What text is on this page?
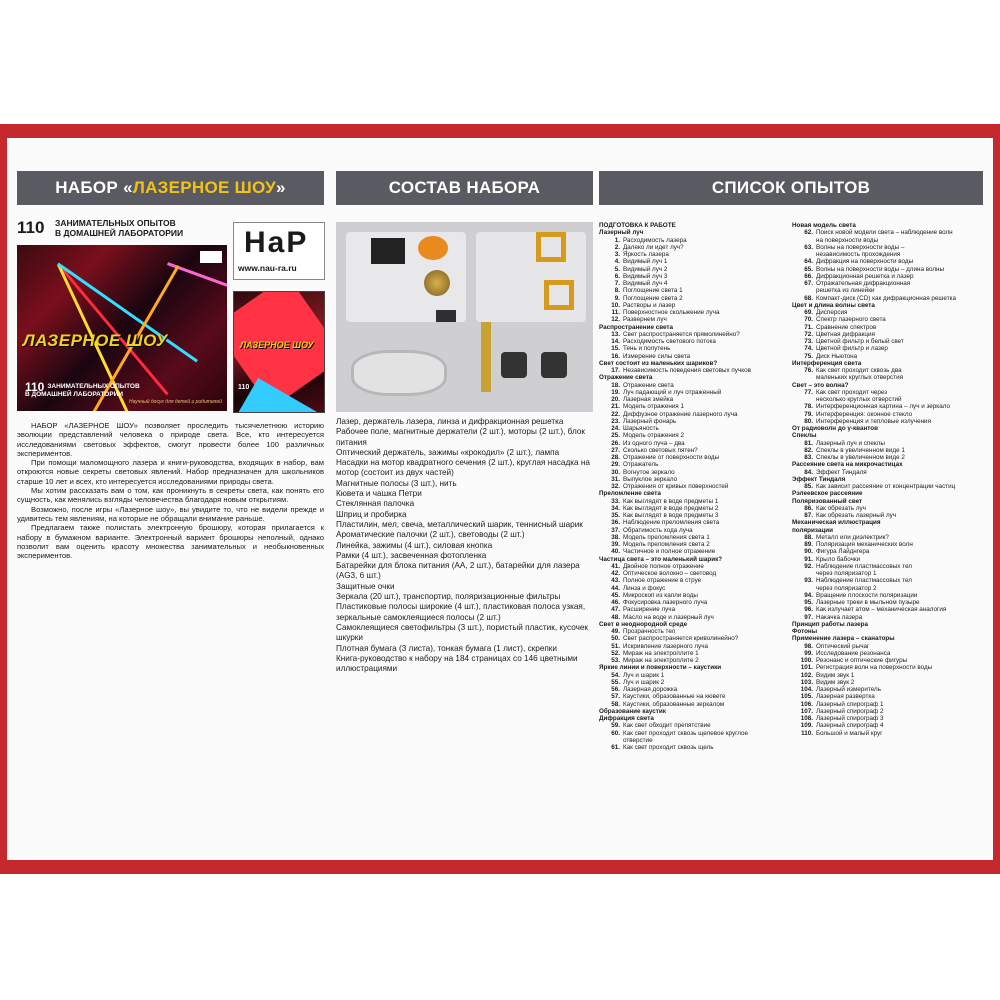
НАБОР « ЛАЗЕРНОЕ ШОУ »	СОСТАВ НАБОРА	СПИСОК ОПЫТОВ
110 ЗАНИМАТЕЛЬНЫХ ОПЫТОВ
В ДОМАШНЕЙ ЛАБОРАТОРИИ
ЛАЗЕРНОЕ ШОУ
110 ЗАНИМАТЕЛЬНЫХ ОПЫТОВ
В ДОМАШНЕЙ ЛАБОРАТОРИИ
Научный досуг для детей и родителей
НаР
www.nau-ra.ru
ЛАЗЕРНОЕ ШОУ
110

НАБОР «ЛАЗЕРНОЕ ШОУ» позволяет проследить тысячелетнюю историю эволюции представлений человека о природе света. Все, кто интересуется исследованиями световых эффектов, смогут провести более 100 различных экспериментов.

При помощи маломощного лазера и книги-руководства, входящих в набор, вам откроются новые секреты световых явлений. Набор предназначен для школьников старше 10 лет и всех, кто интересуется исследованиями природы света.

Мы хотим рассказать вам о том, как проникнуть в секреты света, как понять его сущность, как менялись взгляды человечества благодаря новым открытиям.

Возможно, после игры «Лазерное шоу», вы увидите то, что не видели прежде и удивитесь тем явлениям, на которые не обращали внимание раньше.

Предлагаем также полистать электронную брошюру, которая прилагается к набору в бумажном варианте. Электронный вариант брошюры неполный, однако позволит вам оценить красоту множества занимательных и необыкновенных экспериментов.

Лазер, держатель лазера, линза и дифракционная решетка
Рабочее поле, магнитные держатели (2 шт.), моторы (2 шт.), блок питания
Оптический держатель, зажимы «крокодил» (2 шт.), лампа
Насадки на мотор квадратного сечения (2 шт.), круглая насадка на мотор (состоит из двух частей)
Магнитные полосы (3 шт.), нить
Кювета и чашка Петри
Стеклянная палочка
Шприц и пробирка
Пластилин, мел, свеча, металлический шарик, теннисный шарик
Ароматические палочки (2 шт.), световоды (2 шт.)
Линейка, зажимы (4 шт.), силовая кнопка
Рамки (4 шт.), засвеченная фотопленка
Батарейки для блока питания (АА, 2 шт.), батарейки для лазера (AG3, 6 шт.)
Защитные очки
Зеркала (20 шт.), транспортир, поляризационные фильтры
Пластиковые полосы широкие (4 шт.), пластиковая полоса узкая, зеркальные самоклеящиеся полосы (2 шт.)
Самоклеящиеся светофильтры (3 шт.), пористый пластик, кусочек шкурки
Плотная бумага (3 листа), тонкая бумага (1 лист), скрепки
Книга-руководство к набору на 184 страницах со 146 цветными иллюстрациями
ПОДГОТОВКА К РАБОТЕ
Лазерный луч
1. Расходимость лазера
2. Далеко ли идет луч?
3. Яркость лазера
4. Видимый луч 1
5. Видимый луч 2
6. Видимый луч 3
7. Видимый луч 4
8. Поглощение света 1
9. Поглощение света 2
10. Растворы и лазер
11. Поверхностное скольжение луча
12. Развернем луч
Распространение света
13. Свет распространяется прямолинейно?
14. Расходимость светового потока
15. Тень и полутень
16. Измерение силы света
Свет состоит из маленьких шариков?
17. Независимость поведения световых пучков
Отражение света
18. Отражение света
19. Луч падающий и луч отраженный
20. Лазерная змейка
21. Модель отражения 1
22. Диффузное отражение лазерного луча
23. Лазерный фонарь
24. Шарьяность
25. Модель отражения 2
26. Из одного луча – два
27. Сколько световых пятен?
28. Отражение от поверхности воды
29. Отражатель
30. Вогнутое зеркало
31. Выпуклое зеркало
32. Отражения от кривых поверхностей
Преломление света
33. Как выглядят в воде предметы 1
34. Как выглядят в воде предметы 2
35. Как выглядят в воде предметы 3
36. Наблюдение преломления света
37. Обратимость хода луча
38. Модель преломления света 1
39. Модель преломления света 2
40. Частичное и полное отражение
Частица света – это маленький шарик?
41. Двойное полное отражение
42. Оптическое волокно – световод
43. Полное отражение в струе
44. Линза и фокус
45. Микроскоп из капли воды
46. Фокусировка лазерного луча
47. Расширение луча
48. Масло на воде и лазерный луч
Свет в неоднородной среде
49. Прозрачность тел
50. Свет распространяется криволинейно?
51. Искривление лазерного луча
52. Мираж на электроплите 1
53. Мираж на электроплите 2
Яркие линии и поверхности – каустики
54. Луч и шарик 1
55. Луч и шарик 2
56. Лазерная дорожка
57. Каустики, образованные на кювете
58. Каустики, образованные зеркалом
Образование каустик
Дифракция света
59. Как свет обходит препятствие
60. Как свет проходит сквозь щелевое круглое
отверстие
61. Как свет проходит сквозь щель
Новая модель света
62. Поиск новой модели света – наблюдение волн
на поверхности воды
63. Волны на поверхности воды –
независимость прохождения
64. Дифракция на поверхности воды
65. Волны на поверхности воды – длина волны
66. Дифракционная решетка и лазер
67. Отражательная дифракционная
решетка из линейки
68. Компакт-диск (CD) как дифракционная решетка
Цвет и длина волны света
69. Дисперсия
70. Спектр лазерного света
71. Сравнение спектров
72. Цветная дифракция
73. Цветной фильтр и белый свет
74. Цветной фильтр и лазер
75. Диск Ньютона
Интерференция света
76. Как свет проходит сквозь два
маленьких круглых отверстия
Свет – это волна?
77. Как свет проходит через
несколько круглых отверстий
78. Интерференционная картина – луч и зеркало
79. Интерференция: оконное стекло
80. Интерференция и тепловые излучения
От радиоволн до γ-квантов
Спеклы
81. Лазерный луч и спеклы
82. Спеклы в увеличенном виде 1
83. Спеклы в увеличенном виде 2
Рассеяние света на микрочастицах
84. Эффект Тиндаля
Эффект Тиндаля
85. Как зависит рассеяние от концентрации частиц
Рэлеевское рассеяние
Поляризованный свет
86. Как обрезать луч
87. Как обрезать лазерный луч
Механическая иллюстрация
поляризации
88. Металл или диэлектрик?
89. Поляризация механических волн
90. Фигура Лайднгера
91. Крыло бабочки
92. Наблюдение пластмассовых тел
через поляризатор 1
93. Наблюдение пластмассовых тел
через поляризатор 2
94. Вращение плоскости поляризации
95. Лазерные треки в мыльном пузыре
96. Как излучает атом – механическая аналогия
97. Накачка лазера
Принцип работы лазера
Фотоны
Применение лазера – сканаторы
98. Оптический рычаг
99. Исследование резонанса
100. Резонанс и оптические фигуры
101. Регистрация волн на поверхности воды
102. Видим звук 1
103. Видим звук 2
104. Лазерный измеритель
105. Лазерная развертка
106. Лазерный спирограф 1
107. Лазерный спирограф 2
108. Лазерный спирограф 3
109. Лазерный спирограф 4
110. Большой и малый круг
